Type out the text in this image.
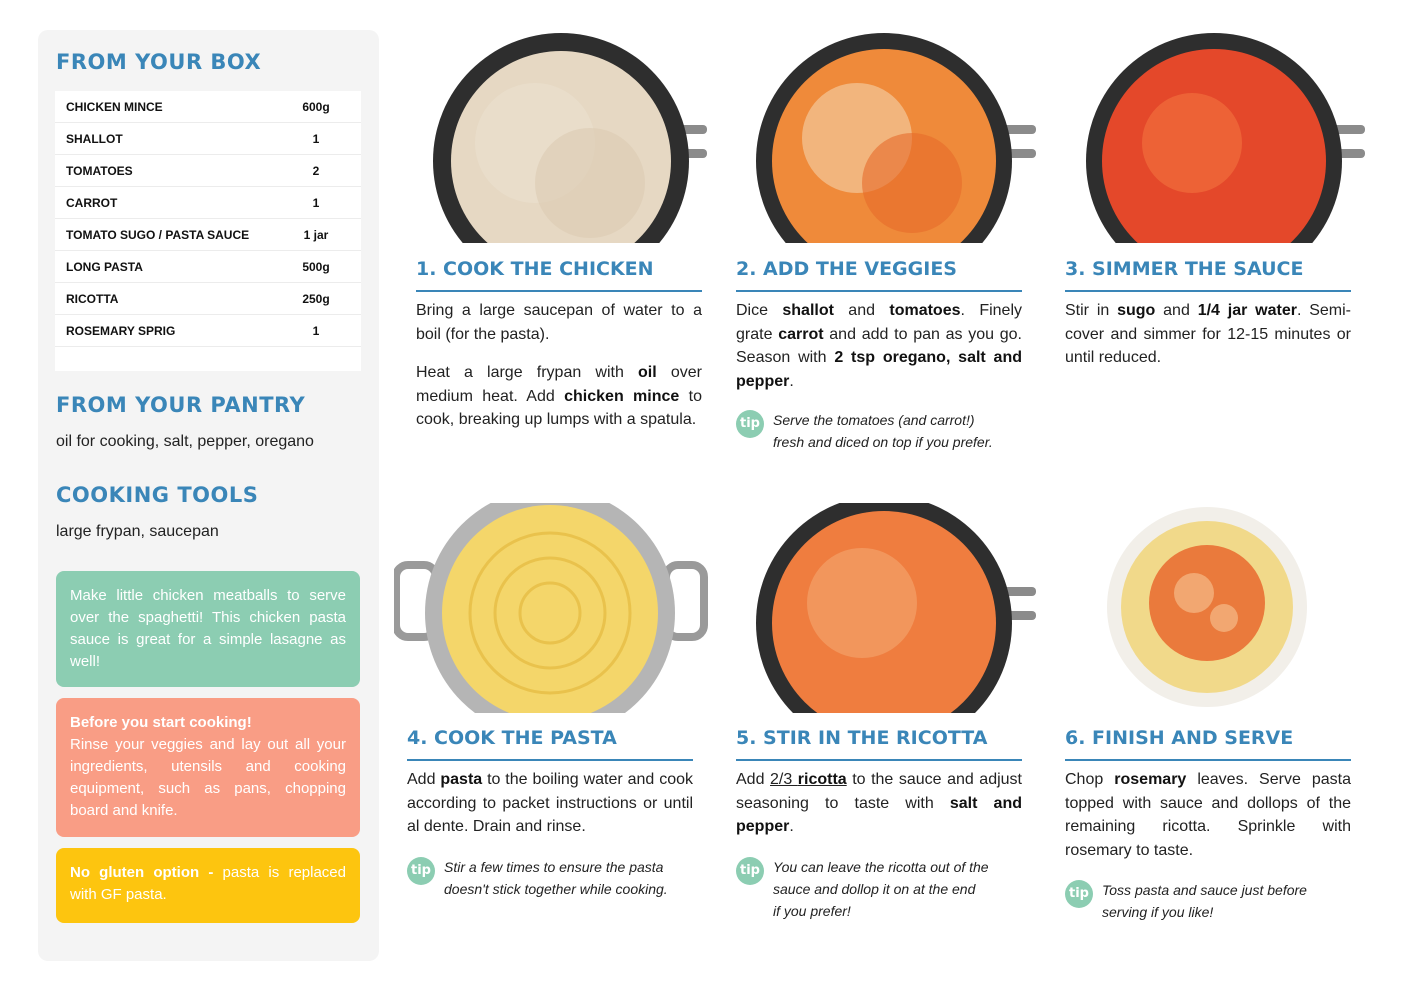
FROM YOUR BOX
CHICKEN MINCE	600g
SHALLOT	1
TOMATOES	2
CARROT	1
TOMATO SUGO / PASTA SAUCE	1 jar
LONG PASTA	500g
RICOTTA	250g
ROSEMARY SPRIG	1
FROM YOUR PANTRY

oil for cooking, salt, pepper, oregano

COOKING TOOLS

large frypan, saucepan

Make little chicken meatballs to serve over the spaghetti! This chicken pasta sauce is great for a simple lasagne as well!
Before you start cooking!
Rinse your veggies and lay out all your ingredients, utensils and cooking equipment, such as pans, chopping board and knife.
No gluten option - pasta is replaced with GF pasta.
1. COOK THE CHICKEN

Bring a large saucepan of water to a boil (for the pasta).

Heat a large frypan with oil over medium heat. Add chicken mince to cook, breaking up lumps with a spatula.

2. ADD THE VEGGIES

Dice shallot and tomatoes. Finely grate carrot and add to pan as you go. Season with 2 tsp oregano, salt and pepper.

tip Serve the tomatoes (and carrot!)
fresh and diced on top if you prefer.
3. SIMMER THE SAUCE

Stir in sugo and 1/4 jar water. Semi-cover and simmer for 12-15 minutes or until reduced.

4. COOK THE PASTA

Add pasta to the boiling water and cook according to packet instructions or until al dente. Drain and rinse.

tip Stir a few times to ensure the pasta
doesn't stick together while cooking.
5. STIR IN THE RICOTTA

Add 2/3 ricotta to the sauce and adjust seasoning to taste with salt and pepper.

tip You can leave the ricotta out of the
sauce and dollop it on at the end
if you prefer!
6. FINISH AND SERVE

Chop rosemary leaves. Serve pasta topped with sauce and dollops of the remaining ricotta. Sprinkle with rosemary to taste.

tip Toss pasta and sauce just before
serving if you like!
